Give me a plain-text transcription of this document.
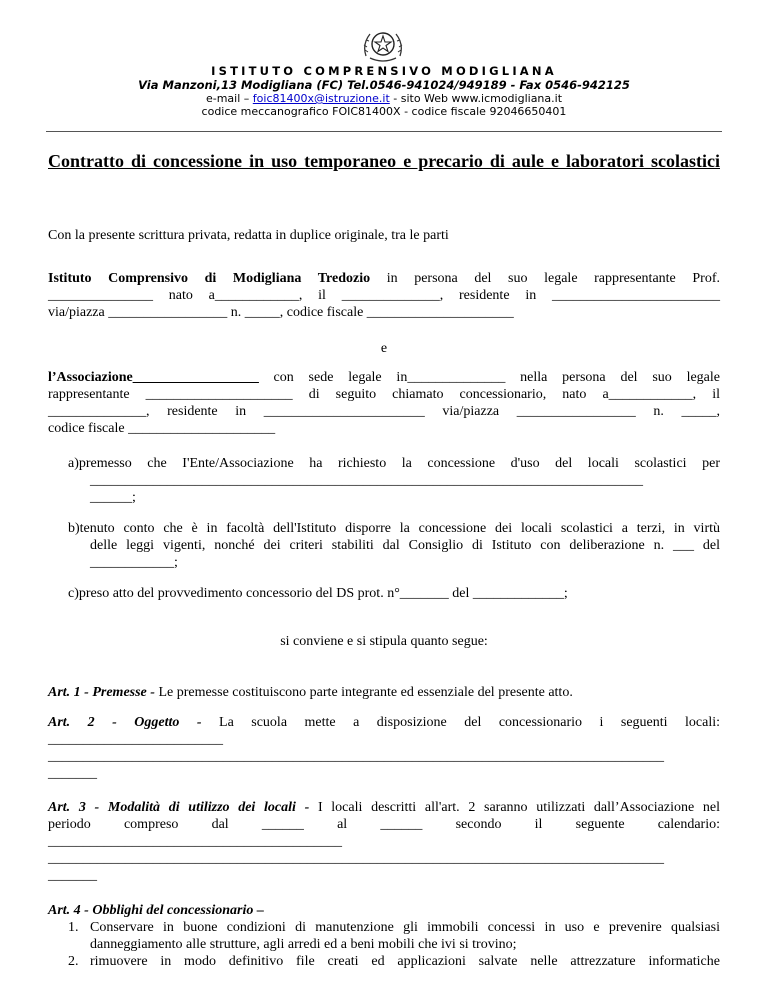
ISTITUTO COMPRENSIVO MODIGLIANA
Via Manzoni,13 Modigliana (FC) Tel.0546-941024/949189 - Fax 0546-942125
e-mail – foic81400x@istruzione.it - sito Web www.icmodigliana.it
codice meccanografico FOIC81400X - codice fiscale 92046650401
Contratto di concessione in uso temporaneo e precario di aule e laboratori scolastici
Con la presente scrittura privata, redatta in duplice originale, tra le parti
Istituto Comprensivo di Modigliana Tredozio in persona del suo legale rappresentante Prof.
_______________ nato a____________, il ______________, residente in ________________________
via/piazza _________________ n. _____, codice fiscale _____________________
e
l’Associazione__________________ con sede legale in______________ nella persona del suo legale
rappresentante _____________________ di seguito chiamato concessionario, nato a____________, il
______________, residente in _______________________ via/piazza _________________ n. _____,
codice fiscale _____________________
a)premesso che I'Ente/Associazione ha richiesto la concessione d'uso del locali scolastici per
_______________________________________________________________________________
______;
b)tenuto conto che è in facoltà dell'Istituto disporre la concessione dei locali scolastici a terzi, in virtù
delle leggi vigenti, nonché dei criteri stabiliti dal Consiglio di Istituto con deliberazione n. ___ del
____________;
c)preso atto del provvedimento concessorio del DS prot. n°_______ del _____________;
si conviene e si stipula quanto segue:
Art. 1 - Premesse - Le premesse costituiscono parte integrante ed essenziale del presente atto.
Art. 2 - Oggetto - La scuola mette a disposizione del concessionario i seguenti locali:
_________________________
________________________________________________________________________________________
_______
Art. 3 - Modalità di utilizzo dei locali - I locali descritti all'art. 2 saranno utilizzati dall’Associazione nel
periodo compreso dal ______ al ______ secondo il seguente calendario:
__________________________________________
________________________________________________________________________________________
_______
Art. 4 - Obblighi del concessionario –
1. Conservare in buone condizioni di manutenzione gli immobili concessi in uso e prevenire qualsiasi
danneggiamento alle strutture, agli arredi ed a beni mobili che ivi si trovino;
2. rimuovere in modo definitivo file creati ed applicazioni salvate nelle attrezzature informatiche
